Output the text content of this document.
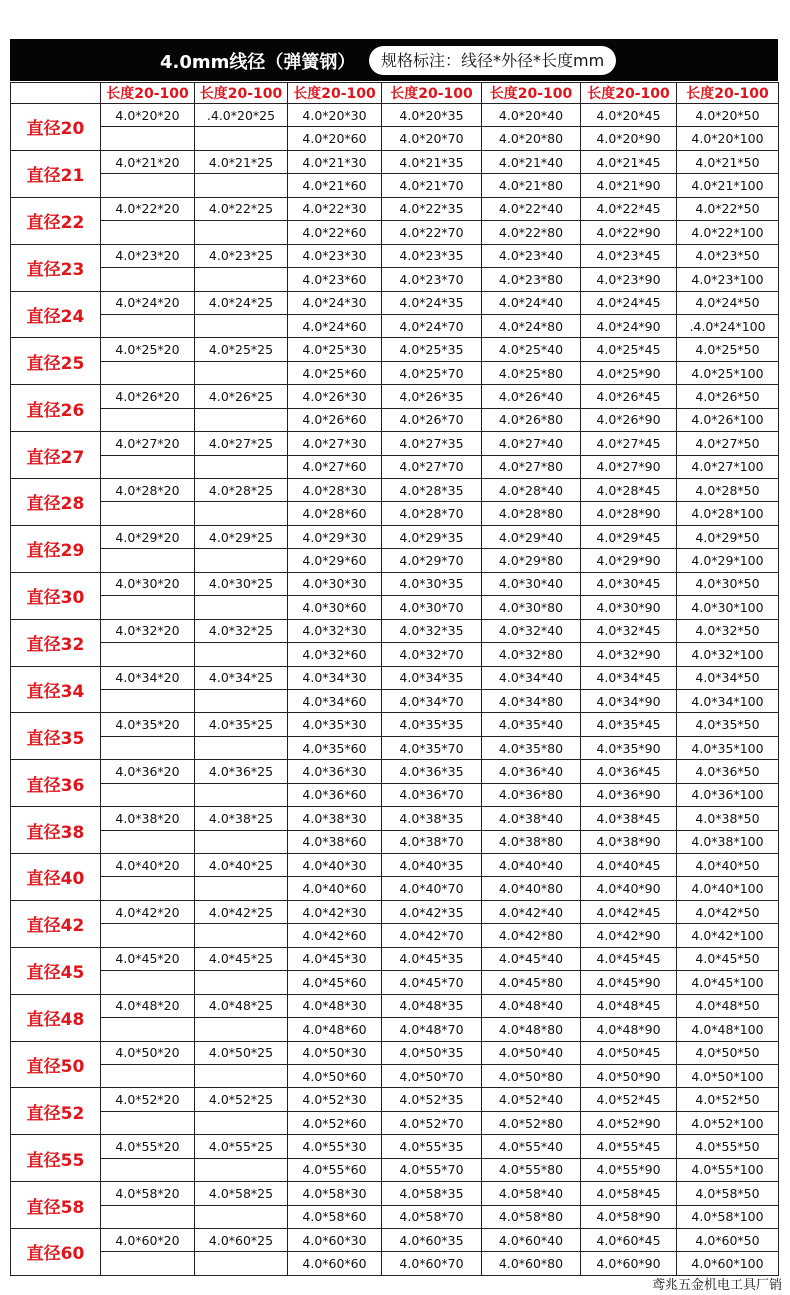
4.0mm线径（弹簧钢）	规格标注：线径*外径*长度mm
	长度20-100	长度20-100	长度20-100	长度20-100	长度20-100	长度20-100	长度20-100
直径20	4.0*20*20	.4.0*20*25	4.0*20*30	4.0*20*35	4.0*20*40	4.0*20*45	4.0*20*50
			4.0*20*60	4.0*20*70	4.0*20*80	4.0*20*90	4.0*20*100
直径21	4.0*21*20	4.0*21*25	4.0*21*30	4.0*21*35	4.0*21*40	4.0*21*45	4.0*21*50
			4.0*21*60	4.0*21*70	4.0*21*80	4.0*21*90	4.0*21*100
直径22	4.0*22*20	4.0*22*25	4.0*22*30	4.0*22*35	4.0*22*40	4.0*22*45	4.0*22*50
			4.0*22*60	4.0*22*70	4.0*22*80	4.0*22*90	4.0*22*100
直径23	4.0*23*20	4.0*23*25	4.0*23*30	4.0*23*35	4.0*23*40	4.0*23*45	4.0*23*50
			4.0*23*60	4.0*23*70	4.0*23*80	4.0*23*90	4.0*23*100
直径24	4.0*24*20	4.0*24*25	4.0*24*30	4.0*24*35	4.0*24*40	4.0*24*45	4.0*24*50
			4.0*24*60	4.0*24*70	4.0*24*80	4.0*24*90	.4.0*24*100
直径25	4.0*25*20	4.0*25*25	4.0*25*30	4.0*25*35	4.0*25*40	4.0*25*45	4.0*25*50
			4.0*25*60	4.0*25*70	4.0*25*80	4.0*25*90	4.0*25*100
直径26	4.0*26*20	4.0*26*25	4.0*26*30	4.0*26*35	4.0*26*40	4.0*26*45	4.0*26*50
			4.0*26*60	4.0*26*70	4.0*26*80	4.0*26*90	4.0*26*100
直径27	4.0*27*20	4.0*27*25	4.0*27*30	4.0*27*35	4.0*27*40	4.0*27*45	4.0*27*50
			4.0*27*60	4.0*27*70	4.0*27*80	4.0*27*90	4.0*27*100
直径28	4.0*28*20	4.0*28*25	4.0*28*30	4.0*28*35	4.0*28*40	4.0*28*45	4.0*28*50
			4.0*28*60	4.0*28*70	4.0*28*80	4.0*28*90	4.0*28*100
直径29	4.0*29*20	4.0*29*25	4.0*29*30	4.0*29*35	4.0*29*40	4.0*29*45	4.0*29*50
			4.0*29*60	4.0*29*70	4.0*29*80	4.0*29*90	4.0*29*100
直径30	4.0*30*20	4.0*30*25	4.0*30*30	4.0*30*35	4.0*30*40	4.0*30*45	4.0*30*50
			4.0*30*60	4.0*30*70	4.0*30*80	4.0*30*90	4.0*30*100
直径32	4.0*32*20	4.0*32*25	4.0*32*30	4.0*32*35	4.0*32*40	4.0*32*45	4.0*32*50
			4.0*32*60	4.0*32*70	4.0*32*80	4.0*32*90	4.0*32*100
直径34	4.0*34*20	4.0*34*25	4.0*34*30	4.0*34*35	4.0*34*40	4.0*34*45	4.0*34*50
			4.0*34*60	4.0*34*70	4.0*34*80	4.0*34*90	4.0*34*100
直径35	4.0*35*20	4.0*35*25	4.0*35*30	4.0*35*35	4.0*35*40	4.0*35*45	4.0*35*50
			4.0*35*60	4.0*35*70	4.0*35*80	4.0*35*90	4.0*35*100
直径36	4.0*36*20	4.0*36*25	4.0*36*30	4.0*36*35	4.0*36*40	4.0*36*45	4.0*36*50
			4.0*36*60	4.0*36*70	4.0*36*80	4.0*36*90	4.0*36*100
直径38	4.0*38*20	4.0*38*25	4.0*38*30	4.0*38*35	4.0*38*40	4.0*38*45	4.0*38*50
			4.0*38*60	4.0*38*70	4.0*38*80	4.0*38*90	4.0*38*100
直径40	4.0*40*20	4.0*40*25	4.0*40*30	4.0*40*35	4.0*40*40	4.0*40*45	4.0*40*50
			4.0*40*60	4.0*40*70	4.0*40*80	4.0*40*90	4.0*40*100
直径42	4.0*42*20	4.0*42*25	4.0*42*30	4.0*42*35	4.0*42*40	4.0*42*45	4.0*42*50
			4.0*42*60	4.0*42*70	4.0*42*80	4.0*42*90	4.0*42*100
直径45	4.0*45*20	4.0*45*25	4.0*45*30	4.0*45*35	4.0*45*40	4.0*45*45	4.0*45*50
			4.0*45*60	4.0*45*70	4.0*45*80	4.0*45*90	4.0*45*100
直径48	4.0*48*20	4.0*48*25	4.0*48*30	4.0*48*35	4.0*48*40	4.0*48*45	4.0*48*50
			4.0*48*60	4.0*48*70	4.0*48*80	4.0*48*90	4.0*48*100
直径50	4.0*50*20	4.0*50*25	4.0*50*30	4.0*50*35	4.0*50*40	4.0*50*45	4.0*50*50
			4.0*50*60	4.0*50*70	4.0*50*80	4.0*50*90	4.0*50*100
直径52	4.0*52*20	4.0*52*25	4.0*52*30	4.0*52*35	4.0*52*40	4.0*52*45	4.0*52*50
			4.0*52*60	4.0*52*70	4.0*52*80	4.0*52*90	4.0*52*100
直径55	4.0*55*20	4.0*55*25	4.0*55*30	4.0*55*35	4.0*55*40	4.0*55*45	4.0*55*50
			4.0*55*60	4.0*55*70	4.0*55*80	4.0*55*90	4.0*55*100
直径58	4.0*58*20	4.0*58*25	4.0*58*30	4.0*58*35	4.0*58*40	4.0*58*45	4.0*58*50
			4.0*58*60	4.0*58*70	4.0*58*80	4.0*58*90	4.0*58*100
直径60	4.0*60*20	4.0*60*25	4.0*60*30	4.0*60*35	4.0*60*40	4.0*60*45	4.0*60*50
			4.0*60*60	4.0*60*70	4.0*60*80	4.0*60*90	4.0*60*100
鸢兆五金机电工具厂销
